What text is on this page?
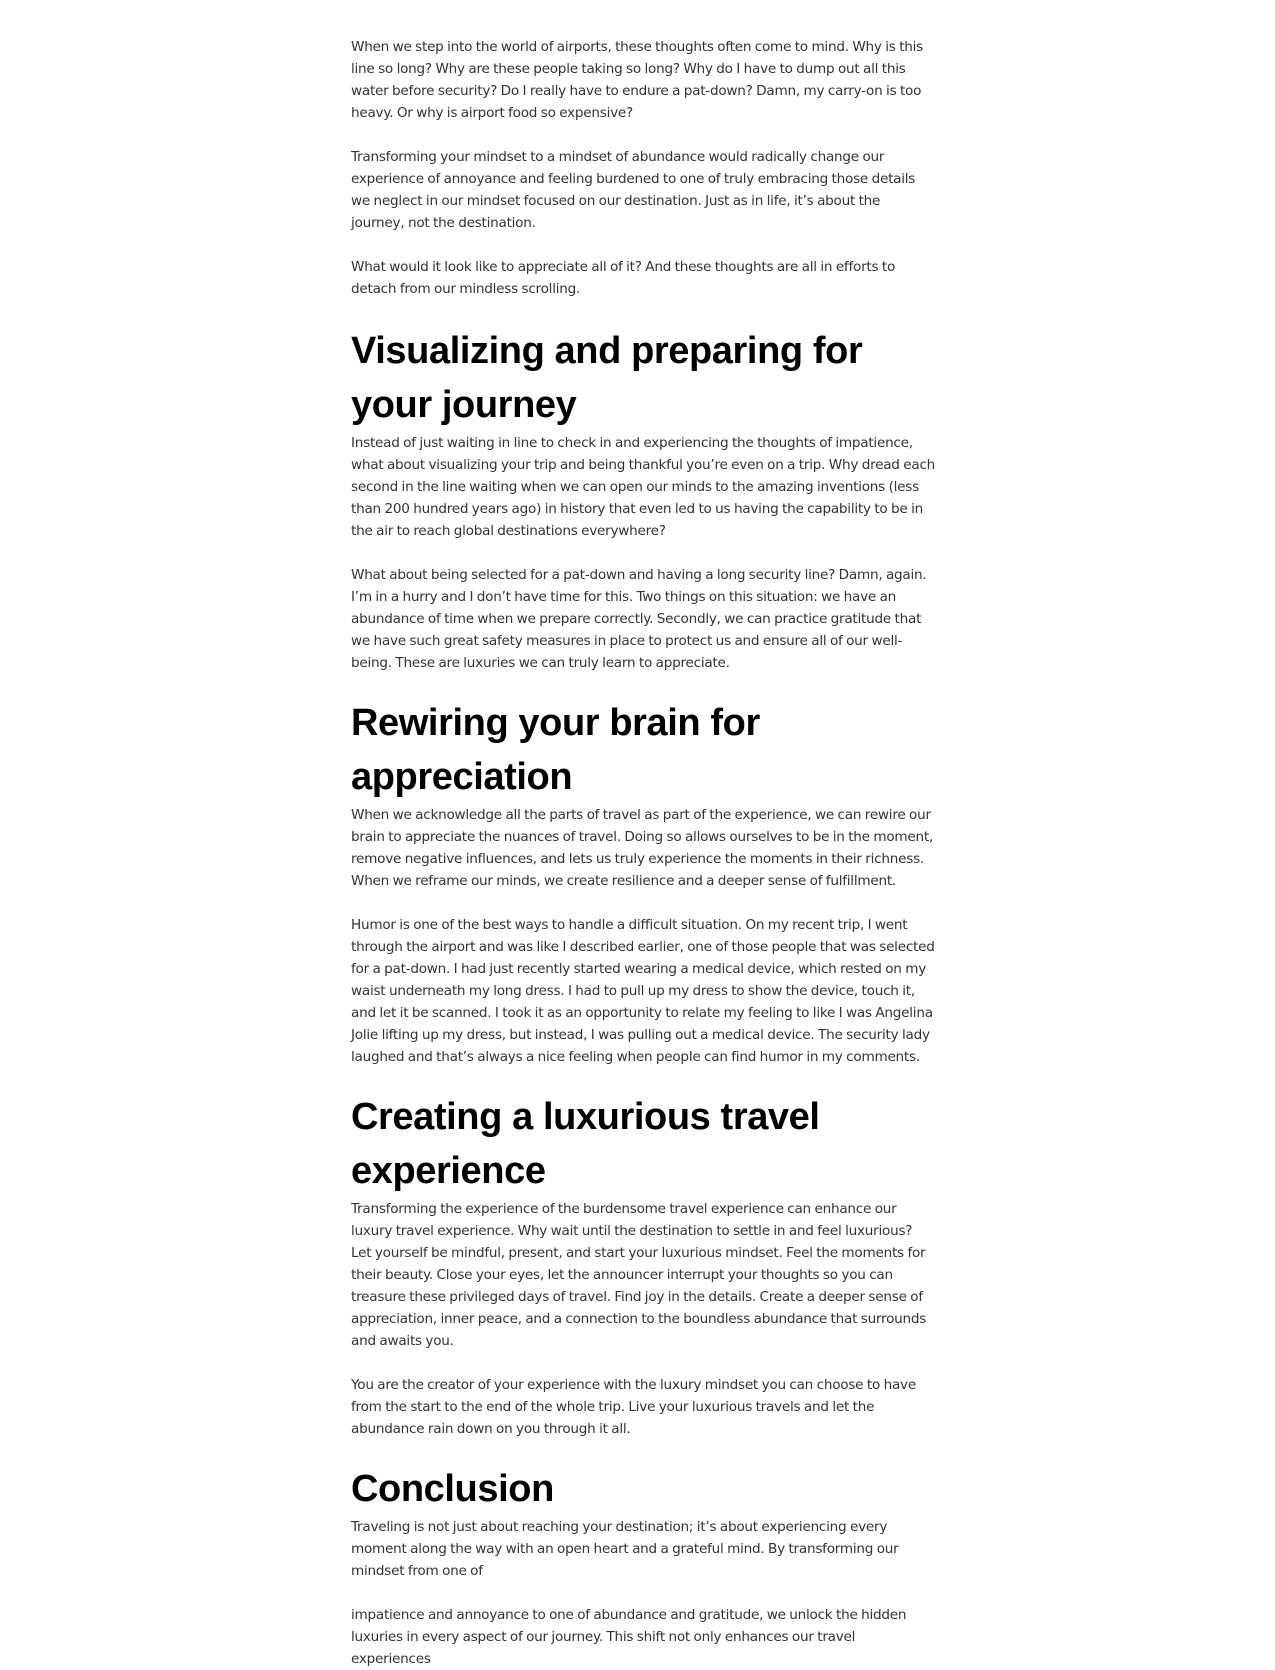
When we step into the world of airports, these thoughts often come to mind. Why is this line so long? Why are these people taking so long? Why do I have to dump out all this water before security? Do I really have to endure a pat-down? Damn, my carry-on is too heavy. Or why is airport food so expensive?

Transforming your mindset to a mindset of abundance would radically change our experience of annoyance and feeling burdened to one of truly embracing those details we neglect in our mindset focused on our destination. Just as in life, it’s about the journey, not the destination.

What would it look like to appreciate all of it? And these thoughts are all in efforts to detach from our mindless scrolling.

Visualizing and preparing for your journey

Instead of just waiting in line to check in and experiencing the thoughts of impatience, what about visualizing your trip and being thankful you’re even on a trip. Why dread each second in the line waiting when we can open our minds to the amazing inventions (less than 200 hundred years ago) in history that even led to us having the capability to be in the air to reach global destinations everywhere?

What about being selected for a pat-down and having a long security line? Damn, again. I’m in a hurry and I don’t have time for this. Two things on this situation: we have an abundance of time when we prepare correctly. Secondly, we can practice gratitude that we have such great safety measures in place to protect us and ensure all of our well-being. These are luxuries we can truly learn to appreciate.

Rewiring your brain for appreciation

When we acknowledge all the parts of travel as part of the experience, we can rewire our brain to appreciate the nuances of travel. Doing so allows ourselves to be in the moment, remove negative influences, and lets us truly experience the moments in their richness. When we reframe our minds, we create resilience and a deeper sense of fulfillment.

Humor is one of the best ways to handle a difficult situation. On my recent trip, I went through the airport and was like I described earlier, one of those people that was selected for a pat-down. I had just recently started wearing a medical device, which rested on my waist underneath my long dress. I had to pull up my dress to show the device, touch it, and let it be scanned. I took it as an opportunity to relate my feeling to like I was Angelina Jolie lifting up my dress, but instead, I was pulling out a medical device. The security lady laughed and that’s always a nice feeling when people can find humor in my comments.

Creating a luxurious travel experience

Transforming the experience of the burdensome travel experience can enhance our luxury travel experience. Why wait until the destination to settle in and feel luxurious? Let yourself be mindful, present, and start your luxurious mindset. Feel the moments for their beauty. Close your eyes, let the announcer interrupt your thoughts so you can treasure these privileged days of travel. Find joy in the details. Create a deeper sense of appreciation, inner peace, and a connection to the boundless abundance that surrounds and awaits you.

You are the creator of your experience with the luxury mindset you can choose to have from the start to the end of the whole trip. Live your luxurious travels and let the abundance rain down on you through it all.

Conclusion

Traveling is not just about reaching your destination; it’s about experiencing every moment along the way with an open heart and a grateful mind. By transforming our mindset from one of

impatience and annoyance to one of abundance and gratitude, we unlock the hidden luxuries in every aspect of our journey. This shift not only enhances our travel experiences
